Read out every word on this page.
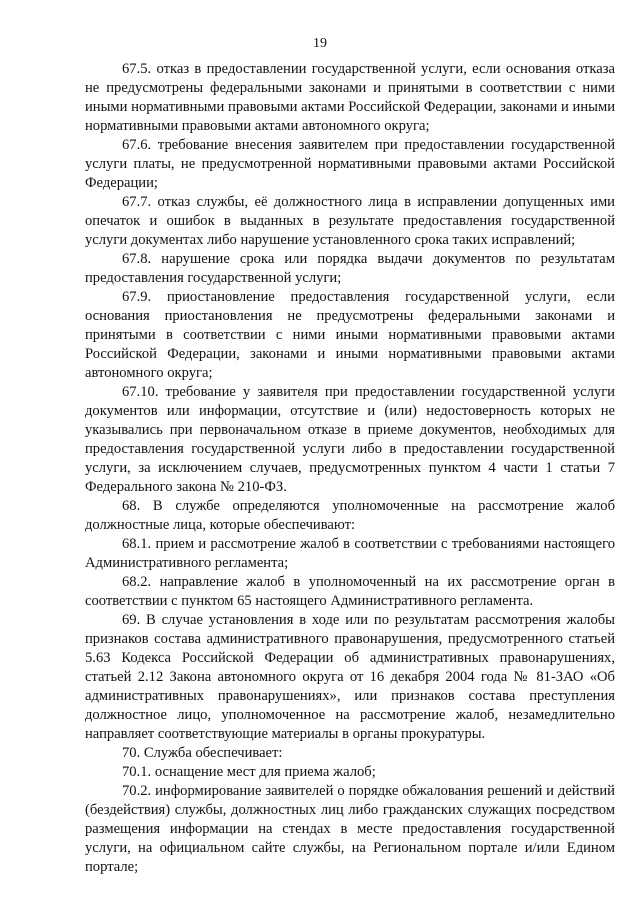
19

67.5. отказ в предоставлении государственной услуги, если основания отказа не предусмотрены федеральными законами и принятыми в соответствии с ними иными нормативными правовыми актами Российской Федерации, законами и иными нормативными правовыми актами автономного округа;

67.6. требование внесения заявителем при предоставлении государственной услуги платы, не предусмотренной нормативными правовыми актами Российской Федерации;

67.7. отказ службы, её должностного лица в исправлении допущенных ими опечаток и ошибок в выданных в результате предоставления государственной услуги документах либо нарушение установленного срока таких исправлений;

67.8. нарушение срока или порядка выдачи документов по результатам предоставления государственной услуги;

67.9. приостановление предоставления государственной услуги, если основания приостановления не предусмотрены федеральными законами и принятыми в соответствии с ними иными нормативными правовыми актами Российской Федерации, законами и иными нормативными правовыми актами автономного округа;

67.10. требование у заявителя при предоставлении государственной услуги документов или информации, отсутствие и (или) недостоверность которых не указывались при первоначальном отказе в приеме документов, необходимых для предоставления государственной услуги либо в предоставлении государственной услуги, за исключением случаев, предусмотренных пунктом 4 части 1 статьи 7 Федерального закона № 210-ФЗ.

68. В службе определяются уполномоченные на рассмотрение жалоб должностные лица, которые обеспечивают:

68.1. прием и рассмотрение жалоб в соответствии с требованиями настоящего Административного регламента;

68.2. направление жалоб в уполномоченный на их рассмотрение орган в соответствии с пунктом 65 настоящего Административного регламента.

69. В случае установления в ходе или по результатам рассмотрения жалобы признаков состава административного правонарушения, предусмотренного статьей 5.63 Кодекса Российской Федерации об административных правонарушениях, статьей 2.12 Закона автономного округа от 16 декабря 2004 года № 81-ЗАО «Об административных правонарушениях», или признаков состава преступления должностное лицо, уполномоченное на рассмотрение жалоб, незамедлительно направляет соответствующие материалы в органы прокуратуры.

70. Служба обеспечивает:

70.1. оснащение мест для приема жалоб;

70.2. информирование заявителей о порядке обжалования решений и действий (бездействия) службы, должностных лиц либо гражданских служащих посредством размещения информации на стендах в месте предоставления государственной услуги, на официальном сайте службы, на Региональном портале и/или Едином портале;
